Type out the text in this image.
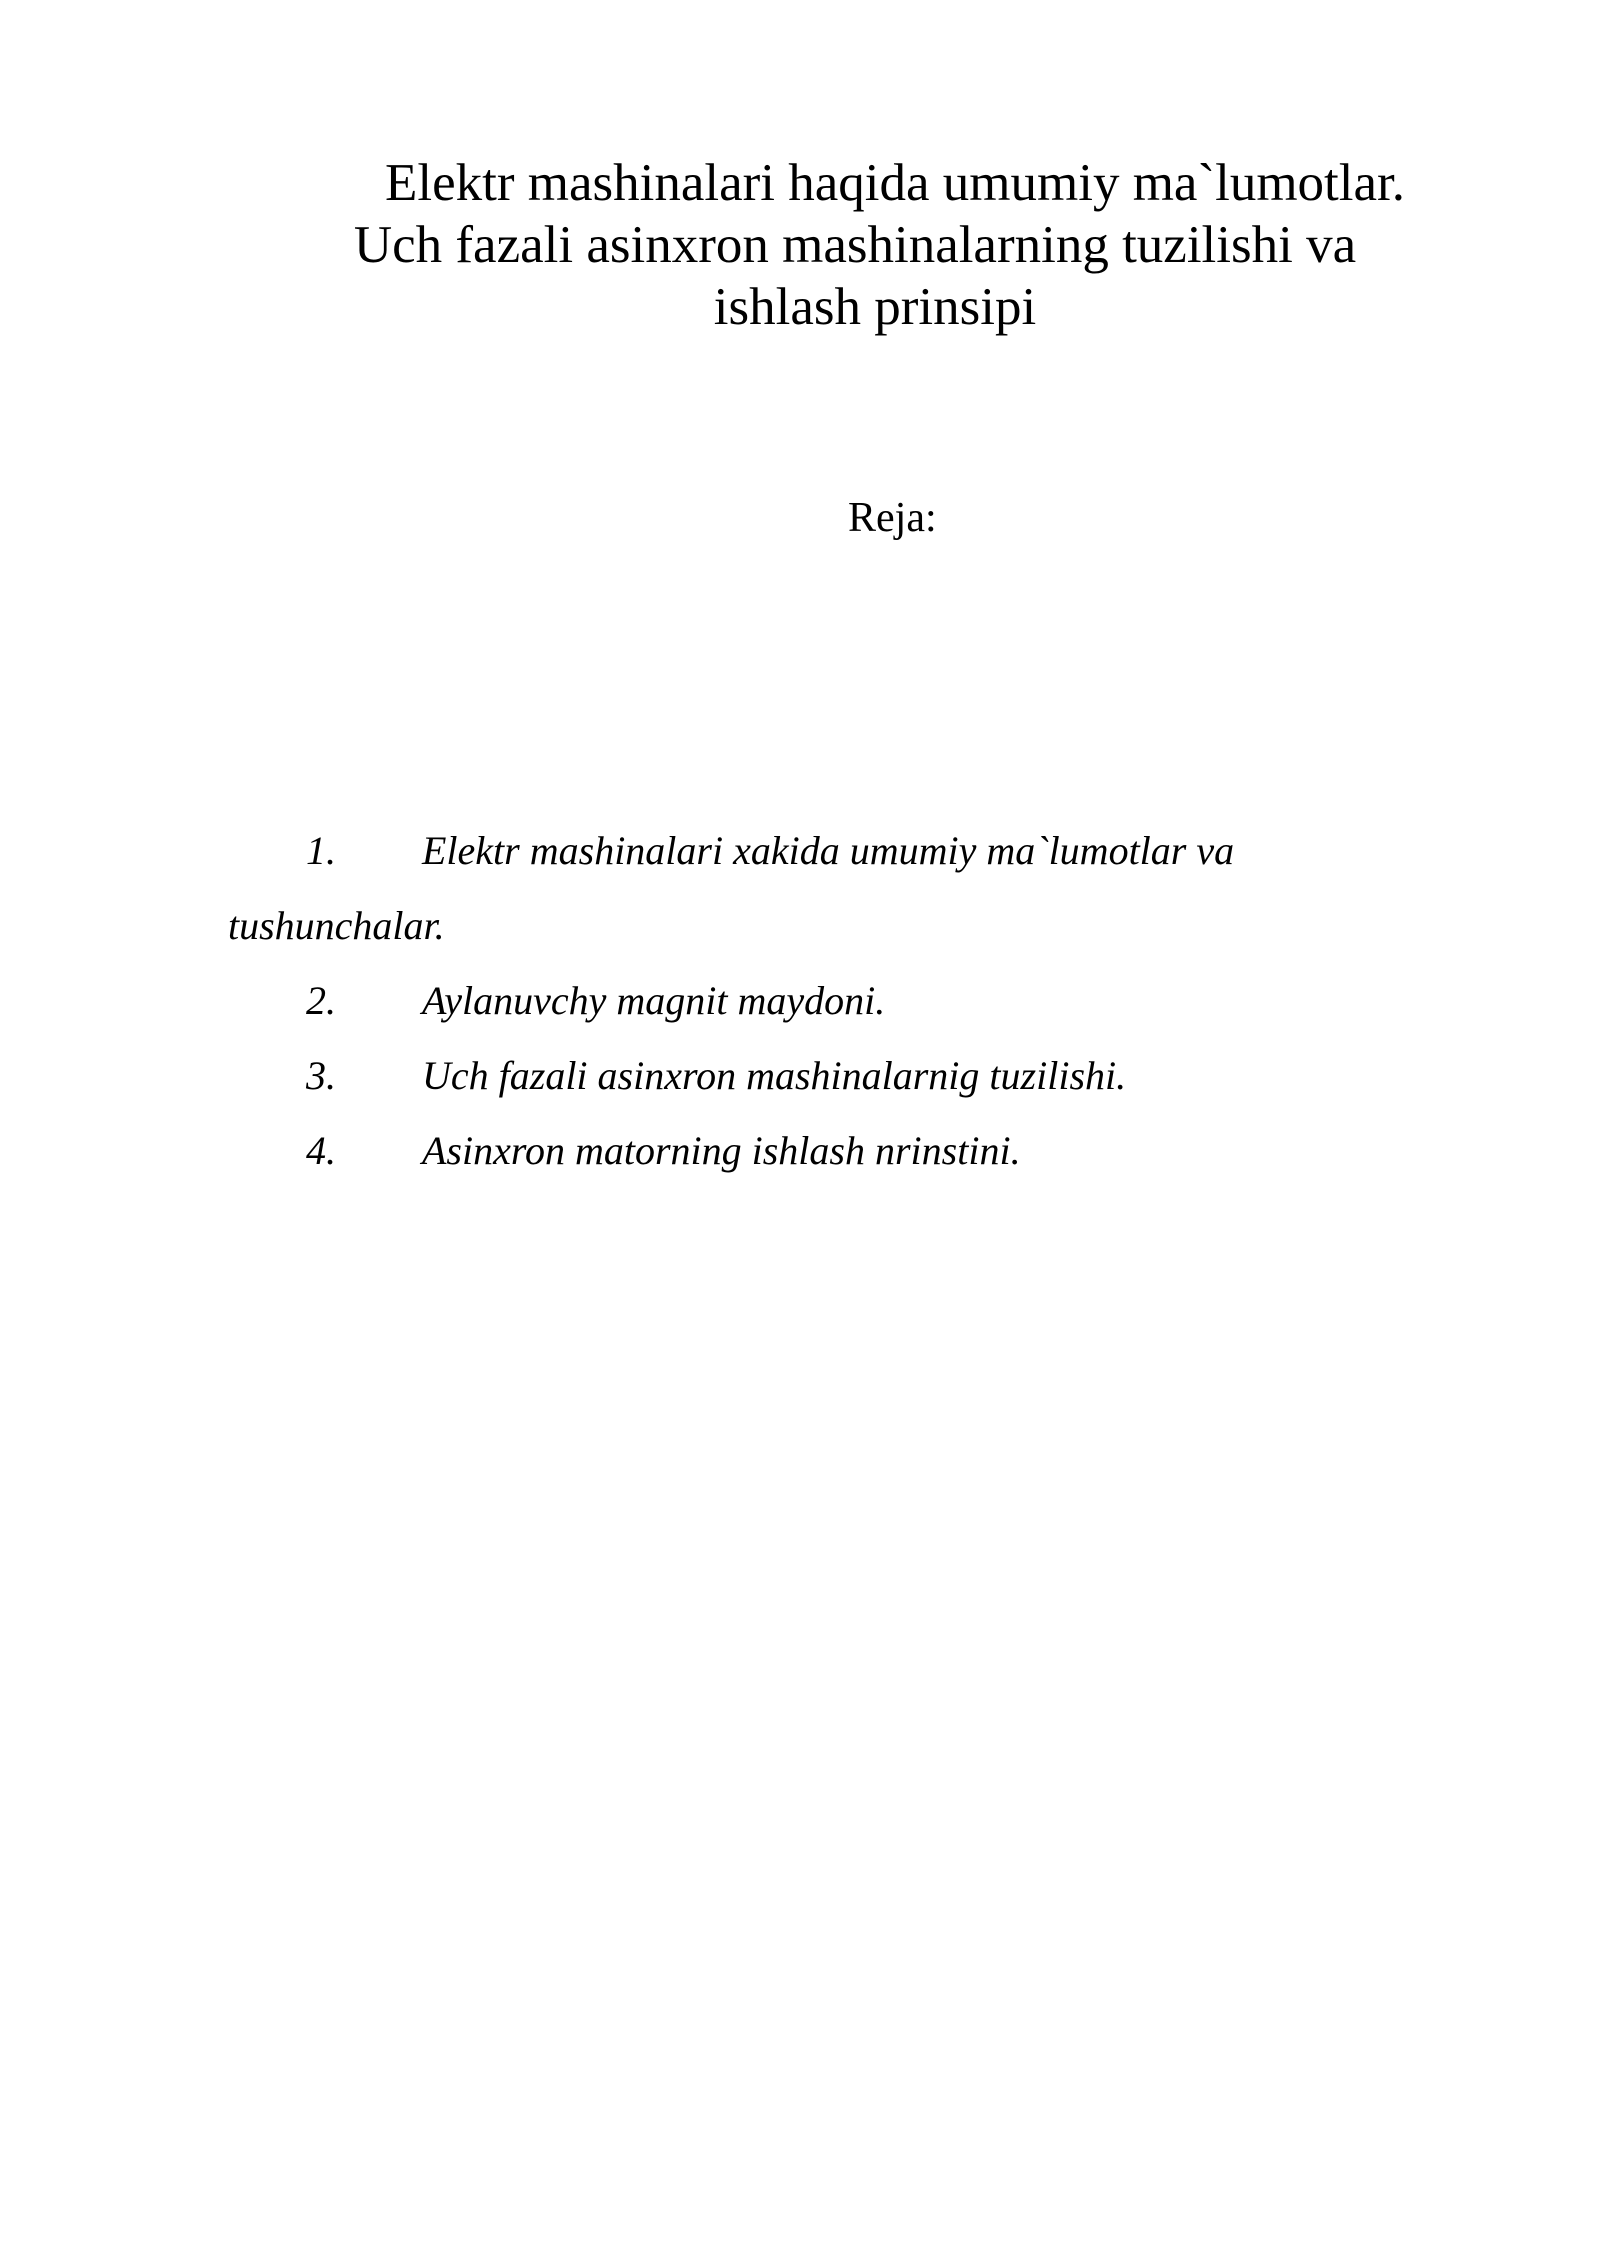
Elektr mashinalari haqida umumiy ma`lumotlar.
Uch fazali asinxron mashinalarning tuzilishi va
ishlash prinsipi
Reja:
1. Elektr mashinalari xakida umumiy ma`lumotlar va
tushunchalar.
2. Aylanuvchy magnit maydoni.
3. Uch fazali asinxron mashinalarnig tuzilishi.
4. Asinxron matorning ishlash nrinstini.
